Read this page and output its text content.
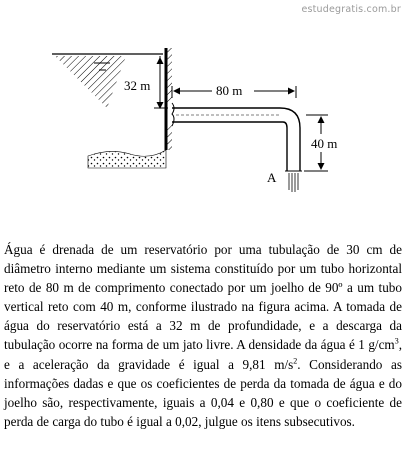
estudegratis.com.br
32 m
A
80 m
40 m

Água é drenada de um reservatório por uma tubulação de 30 cm de diâmetro interno mediante um sistema constituído por um tubo horizontal reto de 80 m de comprimento conectado por um joelho de 90º a um tubo vertical reto com 40 m, conforme ilustrado na figura acima. A tomada de água do reservatório está a 32 m de profundidade, e a descarga da tubulação ocorre na forma de um jato livre. A densidade da água é 1 $g/cm^3$, e a aceleração da gravidade é igual a 9,81 $m/s^2$. Considerando as informações dadas e que os coeficientes de perda da tomada de água e do joelho são, respectivamente, iguais a 0,04 e 0,80 e que o coeficiente de perda de carga do tubo é igual a 0,02, julgue os itens subsecutivos.
